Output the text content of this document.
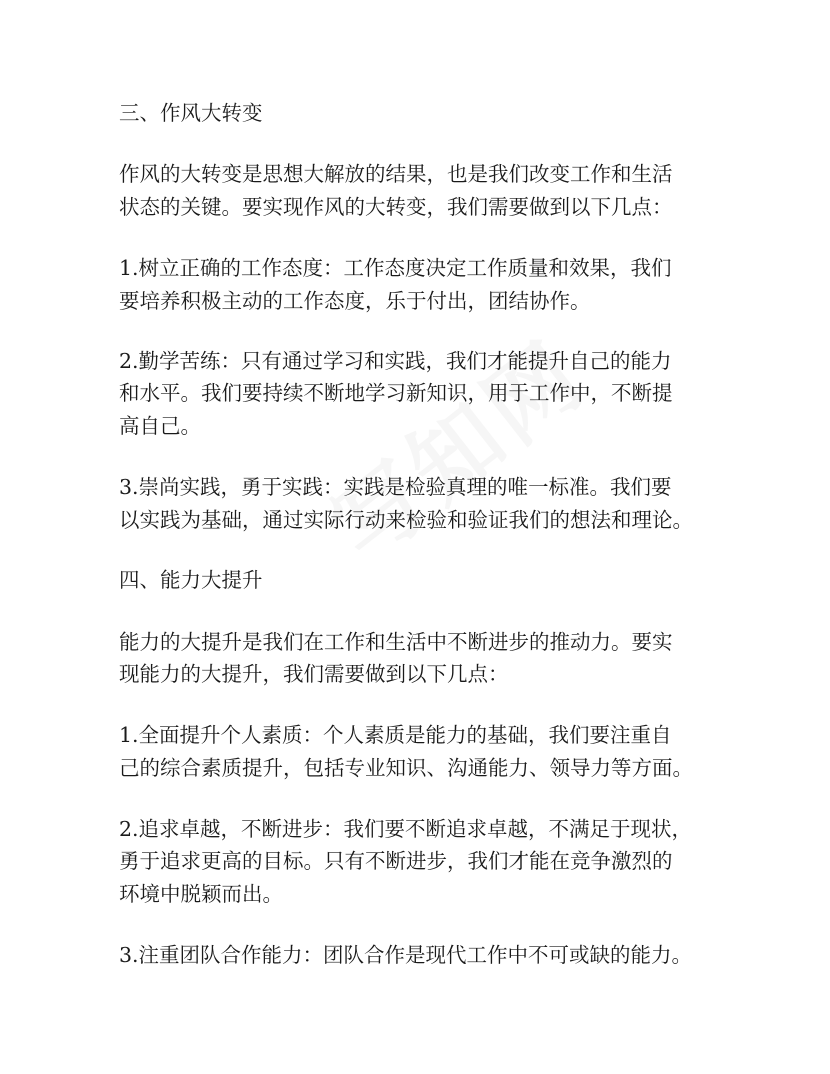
三、作风大转变
作风的大转变是思想大解放的结果，也是我们改变工作和生活
状态的关键。要实现作风的大转变，我们需要做到以下几点：
1.树立正确的工作态度：工作态度决定工作质量和效果，我们
要培养积极主动的工作态度，乐于付出，团结协作。
2.勤学苦练：只有通过学习和实践，我们才能提升自己的能力
和水平。我们要持续不断地学习新知识，用于工作中，不断提
高自己。
3.崇尚实践，勇于实践：实践是检验真理的唯一标准。我们要
以实践为基础，通过实际行动来检验和验证我们的想法和理论。
四、能力大提升
能力的大提升是我们在工作和生活中不断进步的推动力。要实
现能力的大提升，我们需要做到以下几点：
1.全面提升个人素质：个人素质是能力的基础，我们要注重自
己的综合素质提升，包括专业知识、沟通能力、领导力等方面。
2.追求卓越，不断进步：我们要不断追求卓越，不满足于现状，
勇于追求更高的目标。只有不断进步，我们才能在竞争激烈的
环境中脱颖而出。
3.注重团队合作能力：团队合作是现代工作中不可或缺的能力。
